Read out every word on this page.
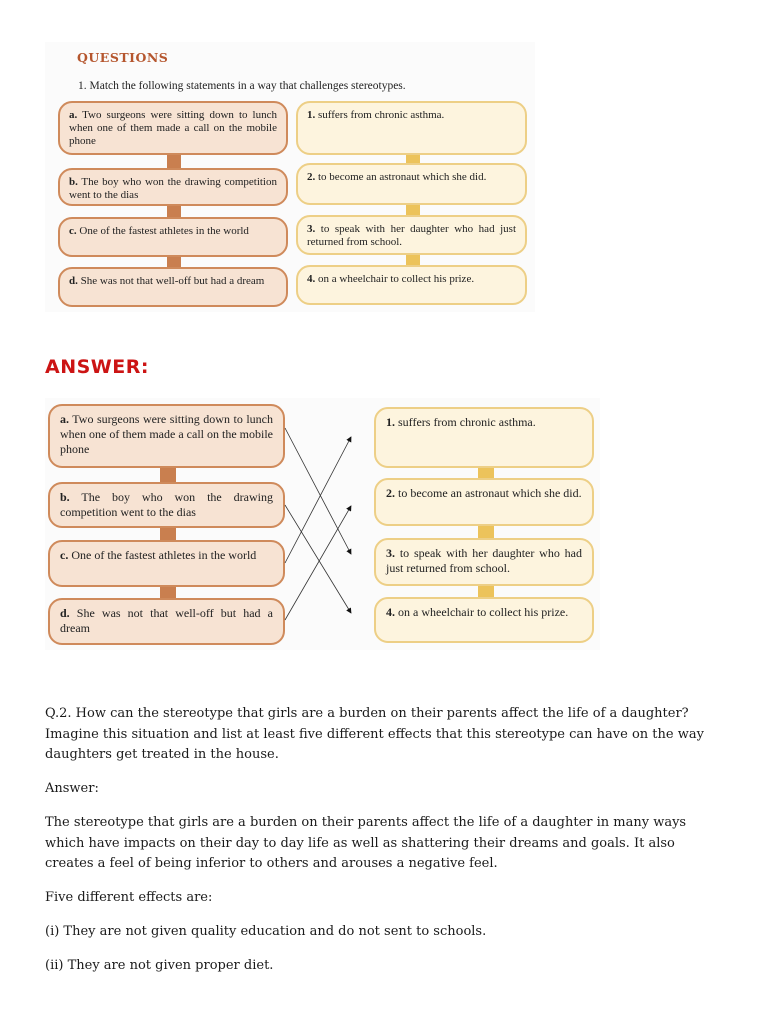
QUESTIONS
1. Match the following statements in a way that challenges stereotypes.
a. Two surgeons were sitting down to lunch when one of them made a call on the mobile phone
b. The boy who won the drawing competition went to the dias
c. One of the fastest athletes in the world
d. She was not that well-off but had a dream
1. suffers from chronic asthma.
2. to become an astronaut which she did.
3. to speak with her daughter who had just returned from school.
4. on a wheelchair to collect his prize.
ANSWER:
a. Two surgeons were sitting down to lunch when one of them made a call on the mobile phone
b. The boy who won the drawing competition went to the dias
c. One of the fastest athletes in the world
d. She was not that well-off but had a dream
1. suffers from chronic asthma.
2. to become an astronaut which she did.
3. to speak with her daughter who had just returned from school.
4. on a wheelchair to collect his prize.

Q.2. How can the stereotype that girls are a burden on their parents affect the life of a daughter? Imagine this situation and list at least five different effects that this stereotype can have on the way daughters get treated in the house.

Answer:

The stereotype that girls are a burden on their parents affect the life of a daughter in many ways which have impacts on their day to day life as well as shattering their dreams and goals. It also creates a feel of being inferior to others and arouses a negative feel.

Five different effects are:

(i) They are not given quality education and do not sent to schools.

(ii) They are not given proper diet.
